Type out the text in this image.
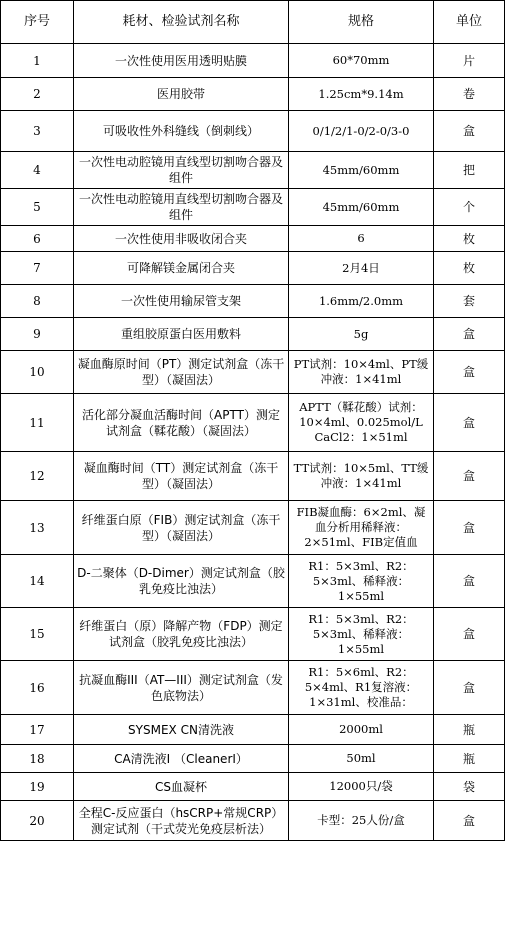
序号	耗材、检验试剂名称	规格	单位
1	一次性使用医用透明贴膜	60*70mm	片
2	医用胶带	1.25cm*9.14m	卷
3	可吸收性外科缝线（倒刺线）	0/1/2/1-0/2-0/3-0	盒
4	一次性电动腔镜用直线型切割吻合器及组件	45mm/60mm	把
5	一次性电动腔镜用直线型切割吻合器及组件	45mm/60mm	个
6	一次性使用非吸收闭合夹	6	枚
7	可降解镁金属闭合夹	2月4日	枚
8	一次性使用输尿管支架	1.6mm/2.0mm	套
9	重组胶原蛋白医用敷料	5g	盒
10	凝血酶原时间（PT）测定试剂盒（冻干型）（凝固法）	PT试剂：10×4ml、PT缓冲液：1×41ml	盒
11	活化部分凝血活酶时间（APTT）测定试剂盒（鞣花酸）（凝固法）	APTT（鞣花酸）试剂：10×4ml、0.025mol/L CaCl2：1×51ml	盒
12	凝血酶时间（TT）测定试剂盒（冻干型）（凝固法）	TT试剂：10×5ml、TT缓冲液：1×41ml	盒
13	纤维蛋白原（FIB）测定试剂盒（冻干型）（凝固法）	FIB凝血酶：6×2ml、凝血分析用稀释液：2×51ml、FIB定值血	盒
14	D-二聚体（D-Dimer）测定试剂盒（胶乳免疫比浊法）	R1：5×3ml、R2：5×3ml、稀释液：1×55ml	盒
15	纤维蛋白（原）降解产物（FDP）测定试剂盒（胶乳免疫比浊法）	R1：5×3ml、R2：5×3ml、稀释液：1×55ml	盒
16	抗凝血酶III（AT—III）测定试剂盒（发色底物法）	R1：5×6ml、R2：5×4ml、R1复溶液：1×31ml、校准品：	盒
17	SYSMEX CN清洗液	2000ml	瓶
18	CA清洗液Ⅰ （CleanerⅠ）	50ml	瓶
19	CS血凝杯	12000只/袋	袋
20	全程C-反应蛋白（hsCRP+常规CRP）测定试剂（干式荧光免疫层析法）	卡型：25人份/盒	盒
